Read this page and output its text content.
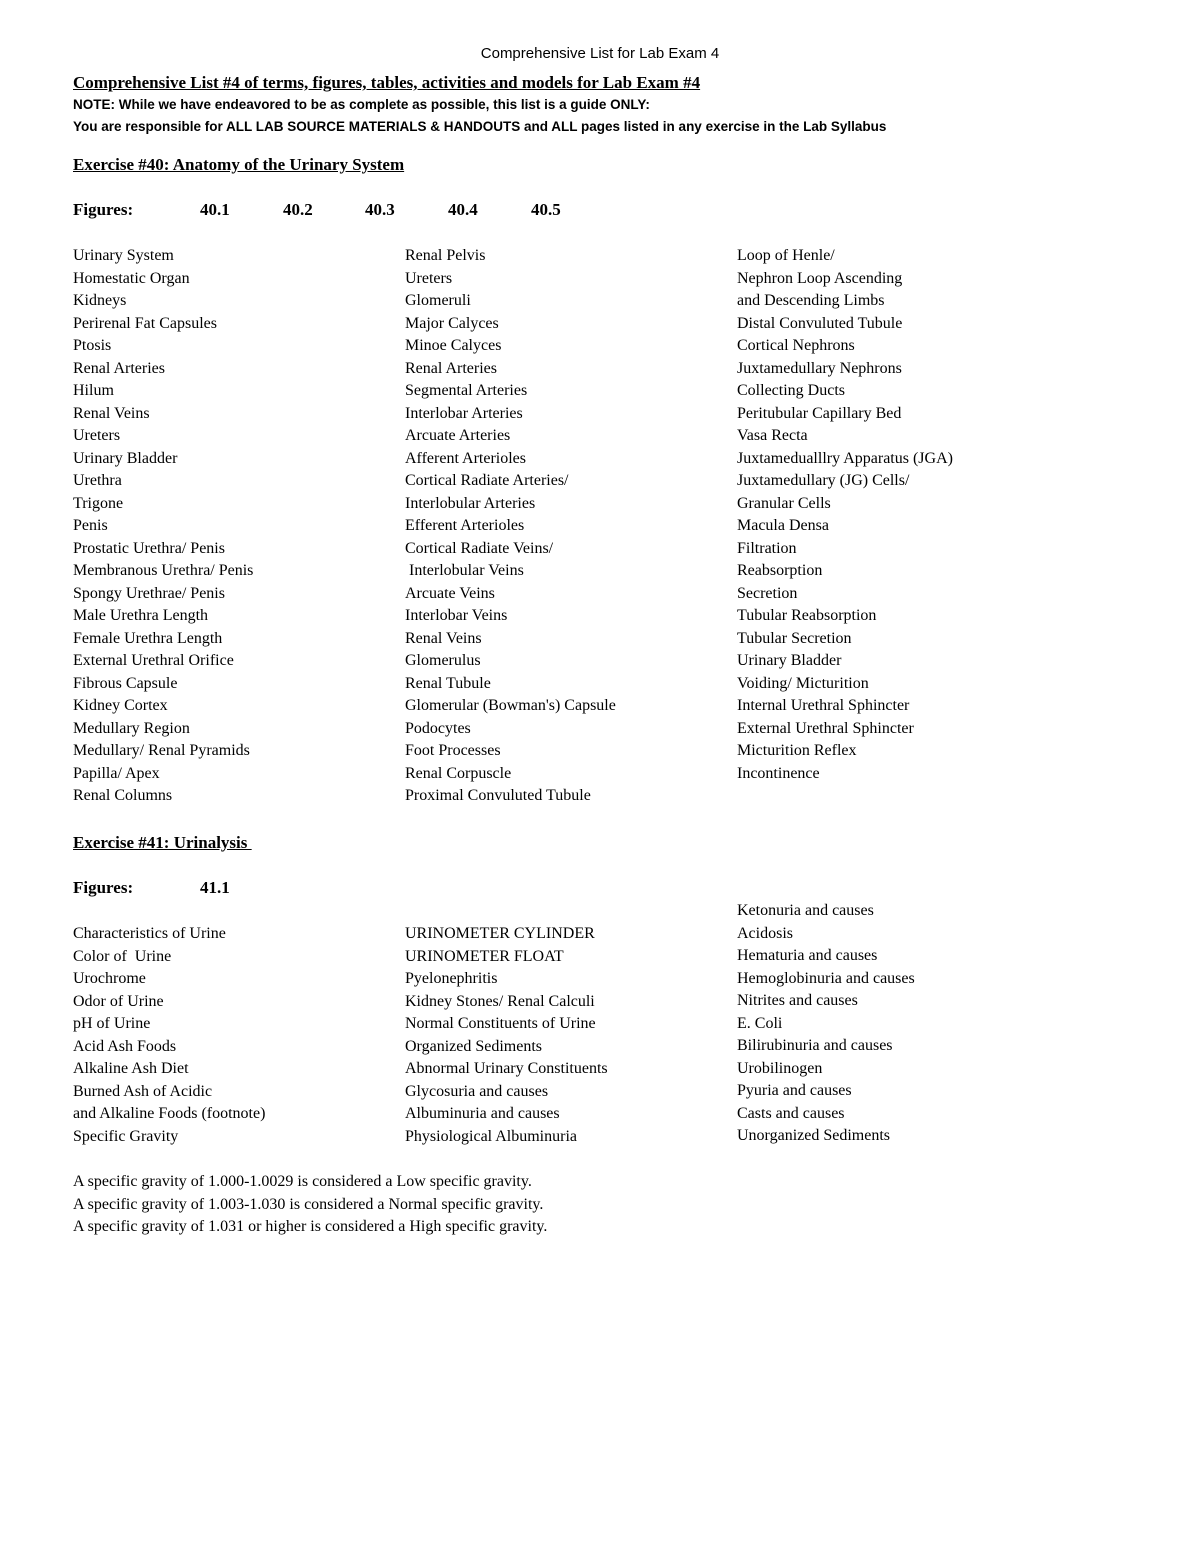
Comprehensive List for Lab Exam 4
Comprehensive List #4 of terms, figures, tables, activities and models for Lab Exam #4
NOTE: While we have endeavored to be as complete as possible, this list is a guide ONLY:
You are responsible for ALL LAB SOURCE MATERIALS & HANDOUTS and ALL pages listed in any exercise in the Lab Syllabus
Exercise #40: Anatomy of the Urinary System
Figures:	40.1	40.2	40.3	40.4	40.5
Urinary System
Homestatic Organ
Kidneys
Perirenal Fat Capsules
Ptosis
Renal Arteries
Hilum
Renal Veins
Ureters
Urinary Bladder
Urethra
Trigone
Penis
Prostatic Urethra/ Penis
Membranous Urethra/ Penis
Spongy Urethrae/ Penis
Male Urethra Length
Female Urethra Length
External Urethral Orifice
Fibrous Capsule
Kidney Cortex
Medullary Region
Medullary/ Renal Pyramids
Papilla/ Apex
Renal Columns
Renal Pelvis
Ureters
Glomeruli
Major Calyces
Minoe Calyces
Renal Arteries
Segmental Arteries
Interlobar Arteries
Arcuate Arteries
Afferent Arterioles
Cortical Radiate Arteries/
Interlobular Arteries
Efferent Arterioles
Cortical Radiate Veins/
Interlobular Veins
Arcuate Veins
Interlobar Veins
Renal Veins
Glomerulus
Renal Tubule
Glomerular (Bowman's) Capsule
Podocytes
Foot Processes
Renal Corpuscle
Proximal Convuluted Tubule
Loop of Henle/
Nephron Loop Ascending
and Descending Limbs
Distal Convuluted Tubule
Cortical Nephrons
Juxtamedullary Nephrons
Collecting Ducts
Peritubular Capillary Bed
Vasa Recta
Juxtamedualllry Apparatus (JGA)
Juxtamedullary (JG) Cells/
Granular Cells
Macula Densa
Filtration
Reabsorption
Secretion
Tubular Reabsorption
Tubular Secretion
Urinary Bladder
Voiding/ Micturition
Internal Urethral Sphincter
External Urethral Sphincter
Micturition Reflex
Incontinence
Exercise #41: Urinalysis
Figures:	41.1
Characteristics of Urine
Color of  Urine
Urochrome
Odor of Urine
pH of Urine
Acid Ash Foods
Alkaline Ash Diet
Burned Ash of Acidic
and Alkaline Foods (footnote)
Specific Gravity
URINOMETER CYLINDER
URINOMETER FLOAT
Pyelonephritis
Kidney Stones/ Renal Calculi
Normal Constituents of Urine
Organized Sediments
Abnormal Urinary Constituents
Glycosuria and causes
Albuminuria and causes
Physiological Albuminuria
Ketonuria and causes
Acidosis
Hematuria and causes
Hemoglobinuria and causes
Nitrites and causes
E. Coli
Bilirubinuria and causes
Urobilinogen
Pyuria and causes
Casts and causes
Unorganized Sediments
A specific gravity of 1.000-1.0029 is considered a Low specific gravity.
A specific gravity of 1.003-1.030 is considered a Normal specific gravity.
A specific gravity of 1.031 or higher is considered a High specific gravity.
